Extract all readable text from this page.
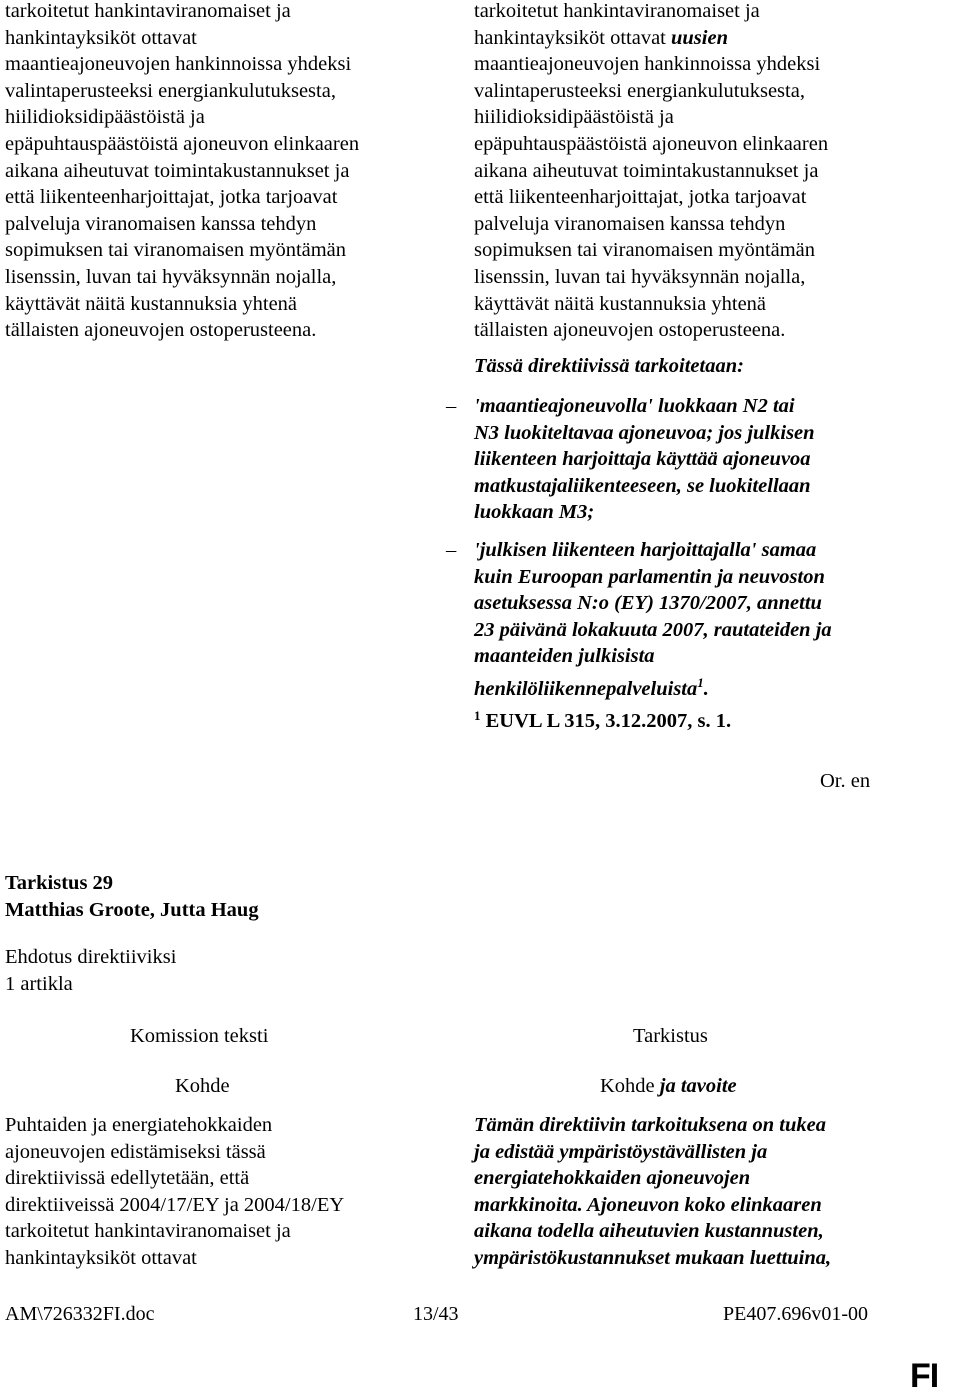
tarkoitetut hankintaviranomaiset ja
hankintayksiköt ottavat
maantieajoneuvojen hankinnoissa yhdeksi
valintaperusteeksi energiankulutuksesta,
hiilidioksidipäästöistä ja
epäpuhtauspäästöistä ajoneuvon elinkaaren
aikana aiheutuvat toimintakustannukset ja
että liikenteenharjoittajat, jotka tarjoavat
palveluja viranomaisen kanssa tehdyn
sopimuksen tai viranomaisen myöntämän
lisenssin, luvan tai hyväksynnän nojalla,
käyttävät näitä kustannuksia yhtenä
tällaisten ajoneuvojen ostoperusteena.
tarkoitetut hankintaviranomaiset ja
hankintayksiköt ottavat uusien
maantieajoneuvojen hankinnoissa yhdeksi
valintaperusteeksi energiankulutuksesta,
hiilidioksidipäästöistä ja
epäpuhtauspäästöistä ajoneuvon elinkaaren
aikana aiheutuvat toimintakustannukset ja
että liikenteenharjoittajat, jotka tarjoavat
palveluja viranomaisen kanssa tehdyn
sopimuksen tai viranomaisen myöntämän
lisenssin, luvan tai hyväksynnän nojalla,
käyttävät näitä kustannuksia yhtenä
tällaisten ajoneuvojen ostoperusteena.
Tässä direktiivissä tarkoitetaan:
– 'maantieajoneuvolla' luokkaan N2 tai
N3 luokiteltavaa ajoneuvoa; jos julkisen
liikenteen harjoittaja käyttää ajoneuvoa
matkustajaliikenteeseen, se luokitellaan
luokkaan M3;
– 'julkisen liikenteen harjoittajalla' samaa
kuin Euroopan parlamentin ja neuvoston
asetuksessa N:o (EY) 1370/2007, annettu
23 päivänä lokakuuta 2007, rautateiden ja
maanteiden julkisista
henkilöliikennepalveluista$^1$.
$^1$ EUVL L 315, 3.12.2007, s. 1.
Or. en
Tarkistus 29
Matthias Groote, Jutta Haug
Ehdotus direktiiviksi
1 artikla
Komission teksti	Tarkistus
Kohde	Kohde ja tavoite
Puhtaiden ja energiatehokkaiden
ajoneuvojen edistämiseksi tässä
direktiivissä edellytetään, että
direktiiveissä 2004/17/EY ja 2004/18/EY
tarkoitetut hankintaviranomaiset ja
hankintayksiköt ottavat
Tämän direktiivin tarkoituksena on tukea
ja edistää ympäristöystävällisten ja
energiatehokkaiden ajoneuvojen
markkinoita. Ajoneuvon koko elinkaaren
aikana todella aiheutuvien kustannusten,
ympäristökustannukset mukaan luettuina,
AM\726332FI.doc	13/43	PE407.696v01-00
FI
